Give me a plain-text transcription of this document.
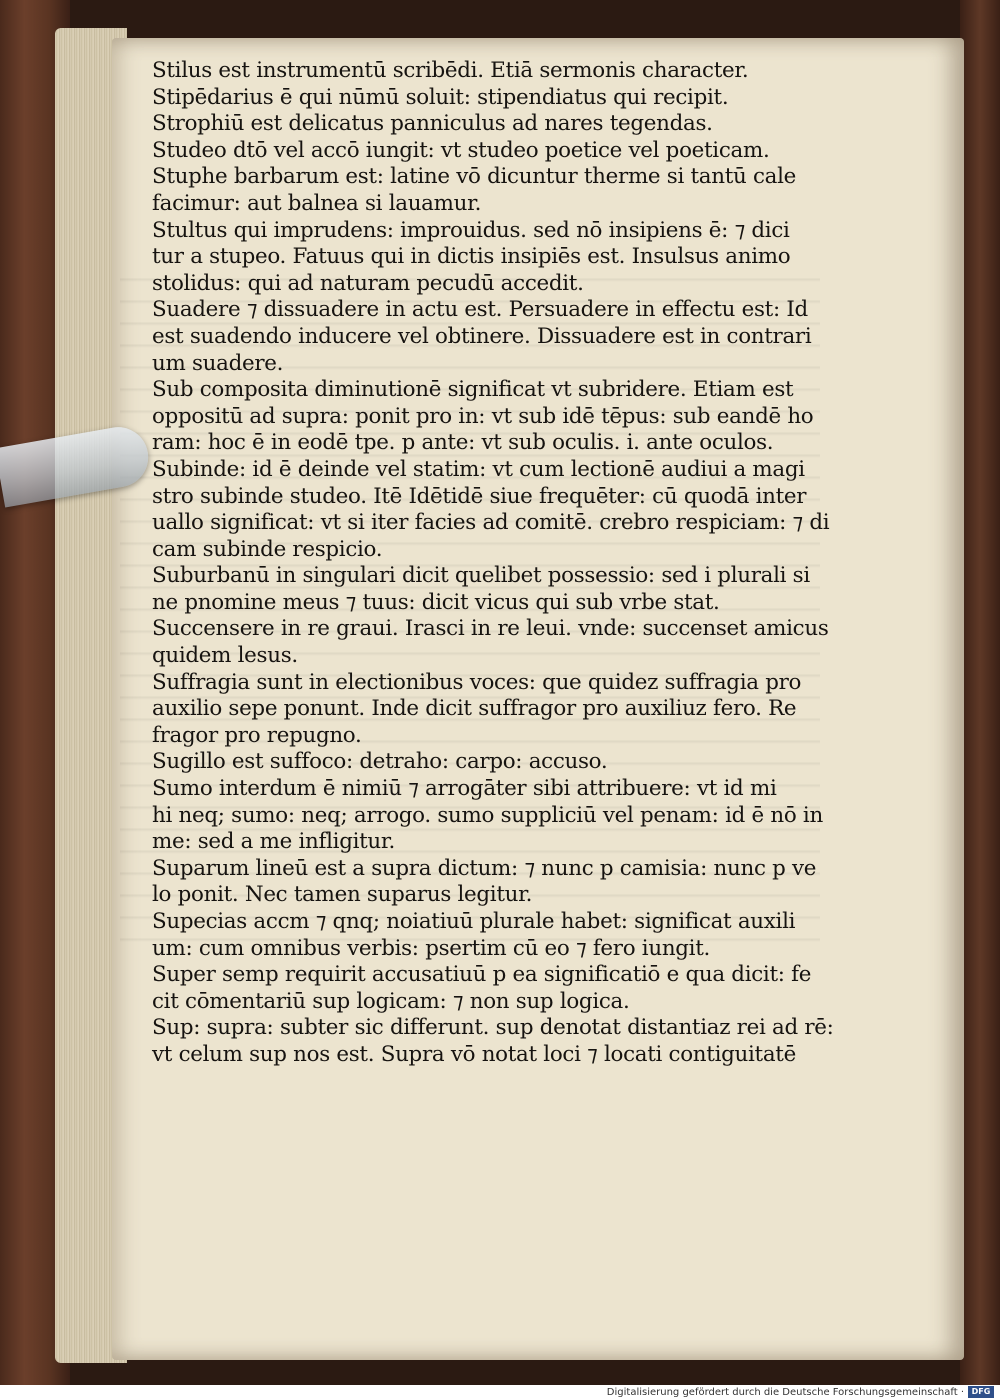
Stilus est instrumentū scribēdi. Etiā sermonis character.
Stipēdarius ē qui nūmū soluit: stipendiatus qui recipit.
Strophiū est delicatus panniculus ad nares tegendas.
Studeo dtō vel accō iungit: vt studeo poetice vel poeticam.
Stuphe barbarum est: latine vō dicuntur therme si tantū cale
facimur: aut balnea si lauamur.
Stultus qui imprudens: improuidus. sed nō insipiens ē: ⁊ dici
tur a stupeo. Fatuus qui in dictis insipiēs est. Insulsus animo
stolidus: qui ad naturam pecudū accedit.
Suadere ⁊ dissuadere in actu est. Persuadere in effectu est: Id
est suadendo inducere vel obtinere. Dissuadere est in contrari
um suadere.
Sub composita diminutionē significat vt subridere. Etiam est
oppositū ad supra: ponit pro in: vt sub idē tēpus: sub eandē ho
ram: hoc ē in eodē tpe. p ante: vt sub oculis. i. ante oculos.
Subinde: id ē deinde vel statim: vt cum lectionē audiui a magi
stro subinde studeo. Itē Idētidē siue frequēter: cū quodā inter
uallo significat: vt si iter facies ad comitē. crebro respiciam: ⁊ di
cam subinde respicio.
Suburbanū in singulari dicit quelibet possessio: sed i plurali si
ne pnomine meus ⁊ tuus: dicit vicus qui sub vrbe stat.
Succensere in re graui. Irasci in re leui. vnde: succenset amicus
quidem lesus.
Suffragia sunt in electionibus voces: que quidez suffragia pro
auxilio sepe ponunt. Inde dicit suffragor pro auxiliuz fero. Re
fragor pro repugno.
Sugillo est suffoco: detraho: carpo: accuso.
Sumo interdum ē nimiū ⁊ arrogāter sibi attribuere: vt id mi
hi neq; sumo: neq; arrogo. sumo suppliciū vel penam: id ē nō in
me: sed a me infligitur.
Suparum lineū est a supra dictum: ⁊ nunc p camisia: nunc p ve
lo ponit. Nec tamen suparus legitur.
Supecias accm ⁊ qnq; noiatiuū plurale habet: significat auxili
um: cum omnibus verbis: psertim cū eo ⁊ fero iungit.
Super semp requirit accusatiuū p ea significatiō e qua dicit: fe
cit cōmentariū sup logicam: ⁊ non sup logica.
Sup: supra: subter sic differunt. sup denotat distantiaz rei ad rē:
vt celum sup nos est. Supra vō notat loci ⁊ locati contiguitatē
Digitalisierung gefördert durch die Deutsche Forschungsgemeinschaft · DFG
